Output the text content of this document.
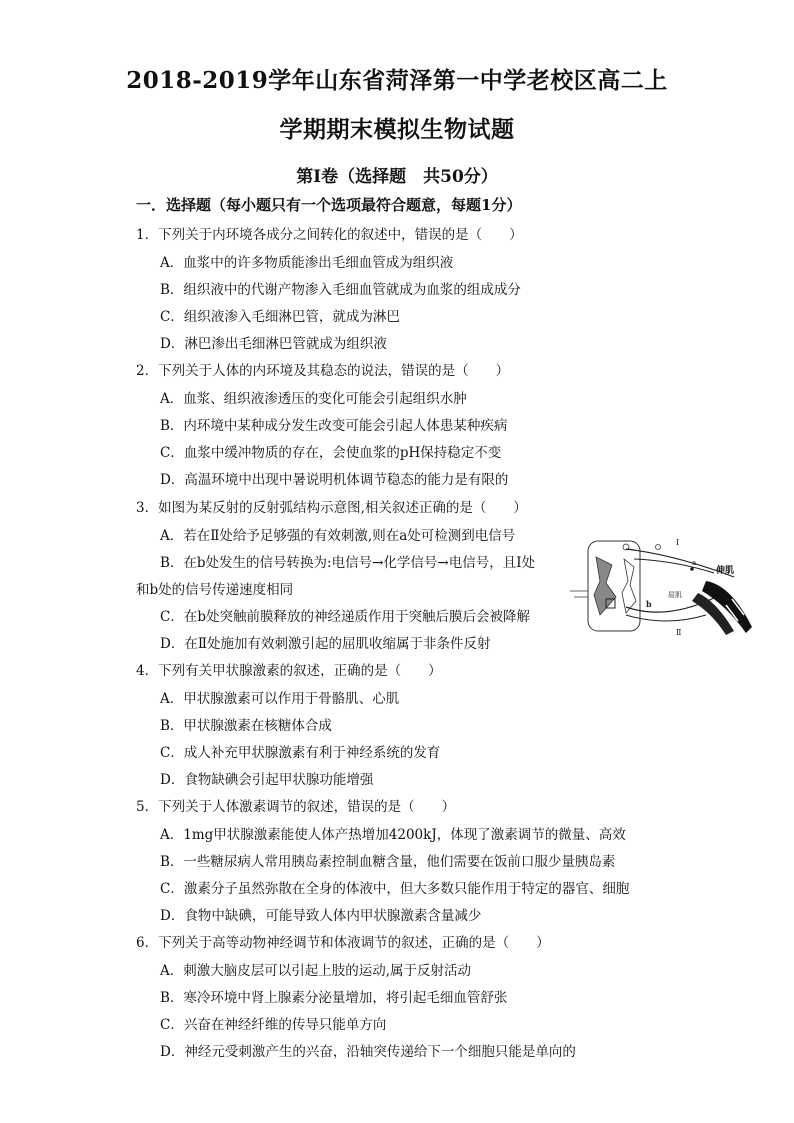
2018-2019学年山东省菏泽第一中学老校区高二上
学期期末模拟生物试题
第Ⅰ卷（选择题　共50分）
一．选择题（每小题只有一个选项最符合题意，每题1分）
1．下列关于内环境各成分之间转化的叙述中，错误的是（　　）
A．血浆中的许多物质能渗出毛细血管成为组织液
B．组织液中的代谢产物渗入毛细血管就成为血浆的组成成分
C．组织液渗入毛细淋巴管，就成为淋巴
D．淋巴渗出毛细淋巴管就成为组织液
2．下列关于人体的内环境及其稳态的说法，错误的是（　　）
A．血浆、组织液渗透压的变化可能会引起组织水肿
B．内环境中某种成分发生改变可能会引起人体患某种疾病
C．血浆中缓冲物质的存在，会使血浆的pH保持稳定不变
D．高温环境中出现中暑说明机体调节稳态的能力是有限的
3．如图为某反射的反射弧结构示意图,相关叙述正确的是（　　）
A．若在Ⅱ处给予足够强的有效刺激,则在a处可检测到电信号
B．在b处发生的信号转换为:电信号→化学信号→电信号，且Ⅰ处
和b处的信号传递速度相同
C．在b处突触前膜释放的神经递质作用于突触后膜后会被降解
D．在Ⅱ处施加有效刺激引起的屈肌收缩属于非条件反射
Ⅰ
a
伸肌
屈肌
b
Ⅱ
4．下列有关甲状腺激素的叙述，正确的是（　　）
A．甲状腺激素可以作用于骨骼肌、心肌
B．甲状腺激素在核糖体合成
C．成人补充甲状腺激素有利于神经系统的发育
D．食物缺碘会引起甲状腺功能增强
5．下列关于人体激素调节的叙述，错误的是（　　）
A．1mg甲状腺激素能使人体产热增加4200kJ，体现了激素调节的微量、高效
B．一些糖尿病人常用胰岛素控制血糖含量，他们需要在饭前口服少量胰岛素
C．激素分子虽然弥散在全身的体液中，但大多数只能作用于特定的器官、细胞
D．食物中缺碘，可能导致人体内甲状腺激素含量减少
6．下列关于高等动物神经调节和体液调节的叙述，正确的是（　　）
A．刺激大脑皮层可以引起上肢的运动,属于反射活动
B．寒冷环境中肾上腺素分泌量增加，将引起毛细血管舒张
C．兴奋在神经纤维的传导只能单方向
D．神经元受刺激产生的兴奋，沿轴突传递给下一个细胞只能是单向的
